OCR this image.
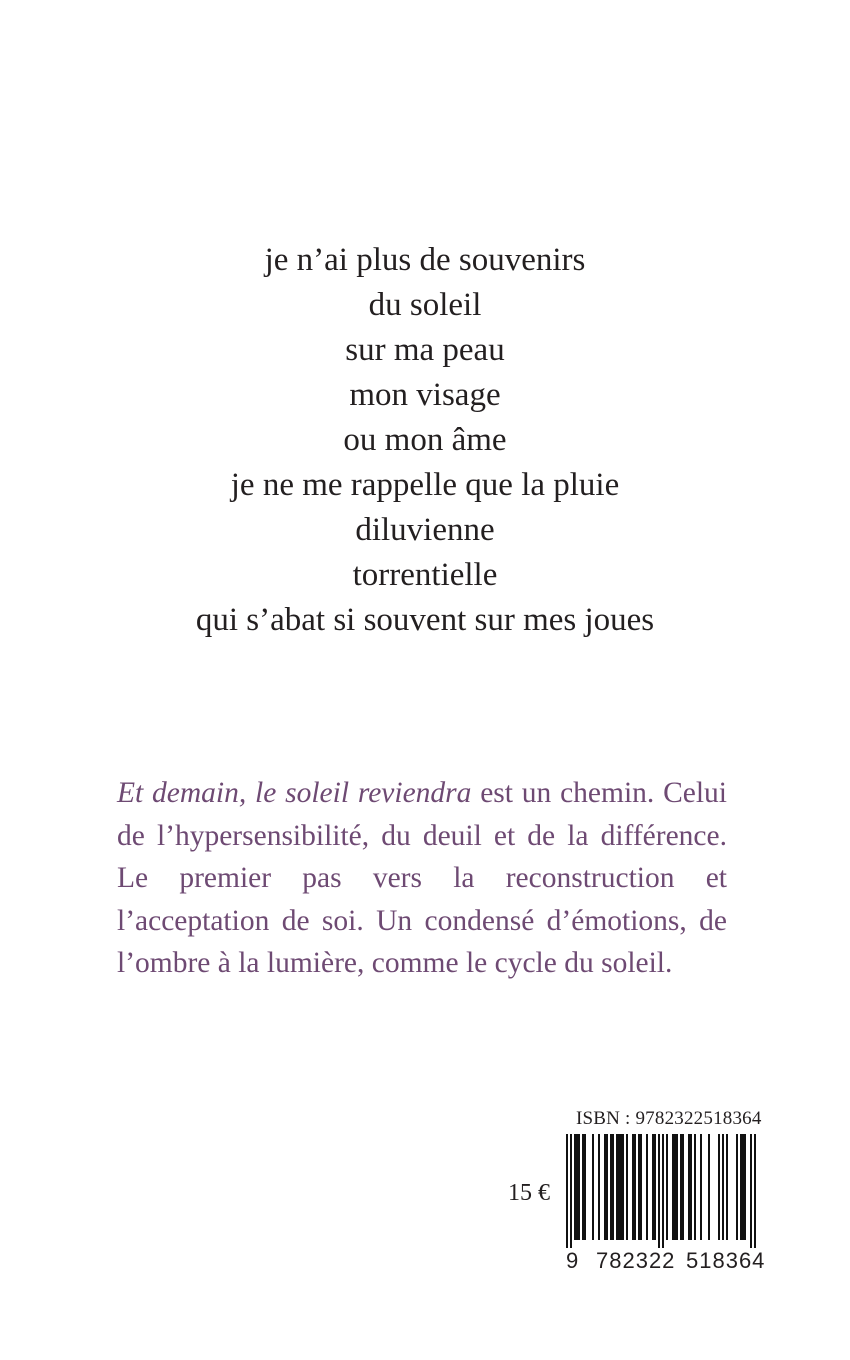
je n’ai plus de souvenirs
du soleil
sur ma peau
mon visage
ou mon âme
je ne me rappelle que la pluie
diluvienne
torrentielle
qui s’abat si souvent sur mes joues

Et demain, le soleil reviendra est un chemin. Celui de l’hypersensibilité, du deuil et de la différence. Le premier pas vers la reconstruction et l’acceptation de soi. Un condensé d’émotions, de l’ombre à la lumière, comme le cycle du soleil.

ISBN : 9782322518364
15 €
9 782322 518364
